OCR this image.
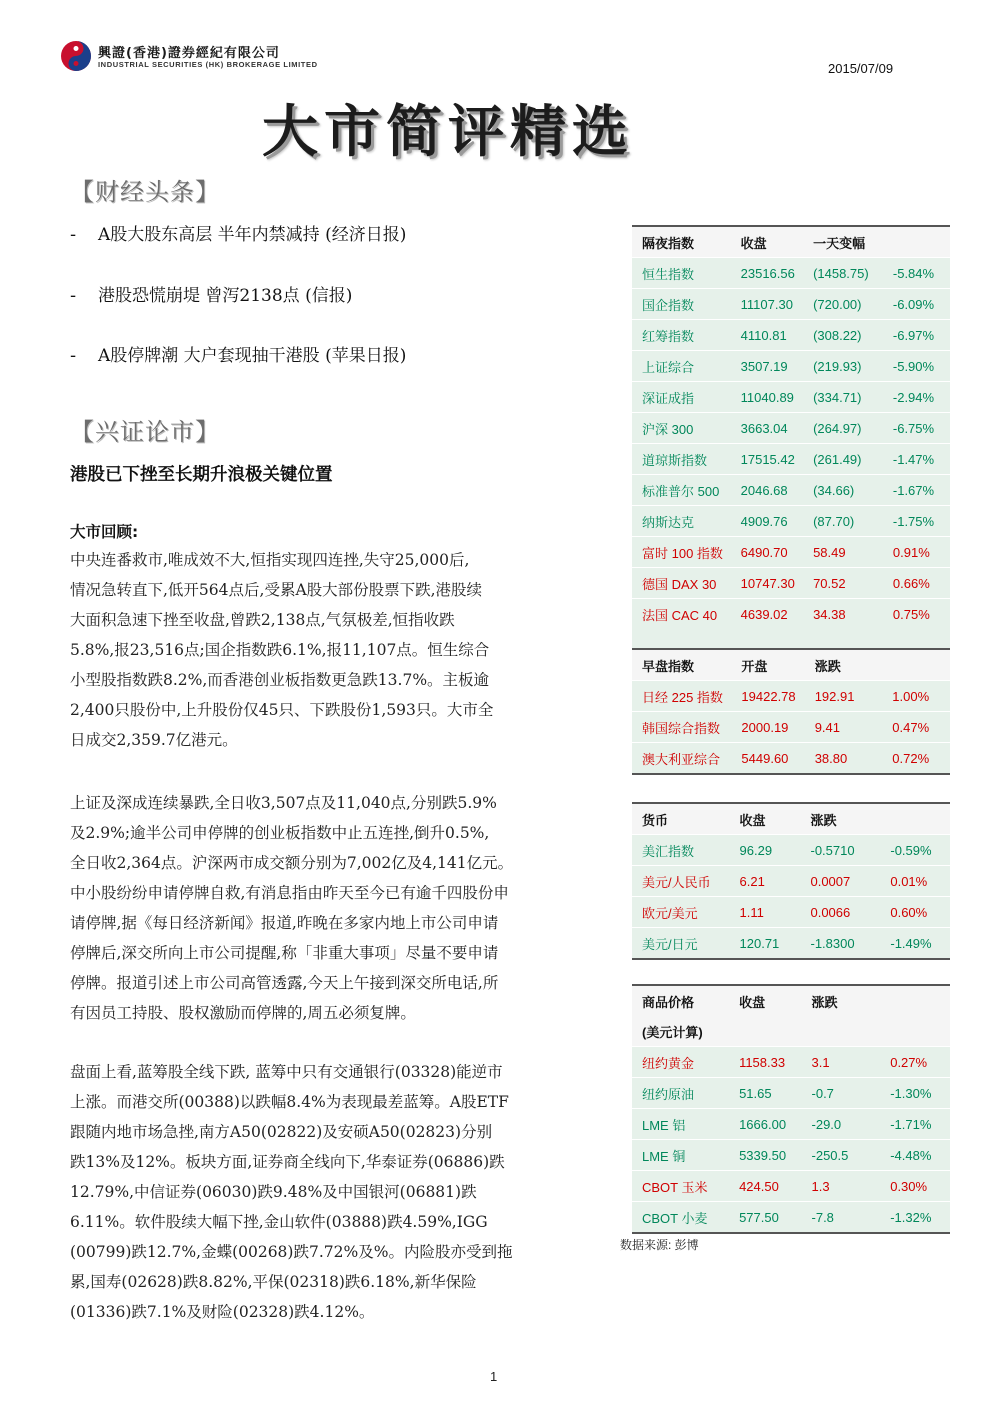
興證(香港)證券經紀有限公司
INDUSTRIAL SECURITIES (HK) BROKERAGE LIMITED	2015/07/09
大市简评精选
【财经头条】
- A股大股东高层 半年内禁减持 (经济日报)
- 港股恐慌崩堤 曾泻2138点 (信报)
- A股停牌潮 大户套现抽干港股 (苹果日报)
【兴证论市】
港股已下挫至长期升浪极关键位置
大市回顾:
中央连番救市,唯成效不大,恒指实现四连挫,失守25,000后,
情况急转直下,低开564点后,受累A股大部份股票下跌,港股续
大面积急速下挫至收盘,曾跌2,138点,气氛极差,恒指收跌
5.8%,报23,516点;国企指数跌6.1%,报11,107点。恒生综合
小型股指数跌8.2%,而香港创业板指数更急跌13.7%。主板逾
2,400只股份中,上升股份仅45只、下跌股份1,593只。大市全
日成交2,359.7亿港元。
上证及深成连续暴跌,全日收3,507点及11,040点,分别跌5.9%
及2.9%;逾半公司申停牌的创业板指数中止五连挫,倒升0.5%,
全日收2,364点。沪深两市成交额分别为7,002亿及4,141亿元。
中小股纷纷申请停牌自救,有消息指由昨天至今已有逾千四股份申
请停牌,据《每日经济新闻》报道,昨晚在多家内地上市公司申请
停牌后,深交所向上市公司提醒,称「非重大事项」尽量不要申请
停牌。报道引述上市公司高管透露,今天上午接到深交所电话,所
有因员工持股、股权激励而停牌的,周五必须复牌。
盘面上看,蓝筹股全线下跌, 蓝筹中只有交通银行(03328)能逆市
上涨。而港交所(00388)以跌幅8.4%为表现最差蓝筹。A股ETF
跟随内地市场急挫,南方A50(02822)及安硕A50(02823)分别
跌13%及12%。板块方面,证券商全线向下,华泰证券(06886)跌
12.79%,中信证券(06030)跌9.48%及中国银河(06881)跌
6.11%。软件股续大幅下挫,金山软件(03888)跌4.59%,IGG
(00799)跌12.7%,金蝶(00268)跌7.72%及%。内险股亦受到拖
累,国寿(02628)跌8.82%,平保(02318)跌6.18%,新华保险
(01336)跌7.1%及财险(02328)跌4.12%。
隔夜指数	收盘	一天变幅	
恒生指数	23516.56	(1458.75)	-5.84%
国企指数	11107.30	(720.00)	-6.09%
红筹指数	4110.81	(308.22)	-6.97%
上证综合	3507.19	(219.93)	-5.90%
深证成指	11040.89	(334.71)	-2.94%
沪深 300	3663.04	(264.97)	-6.75%
道琼斯指数	17515.42	(261.49)	-1.47%
标准普尔 500	2046.68	(34.66)	-1.67%
纳斯达克	4909.76	(87.70)	-1.75%
富时 100 指数	6490.70	58.49	0.91%
德国 DAX 30	10747.30	70.52	0.66%
法国 CAC 40	4639.02	34.38	0.75%

早盘指数	开盘	涨跌	
日经 225 指数	19422.78	192.91	1.00%
韩国综合指数	2000.19	9.41	0.47%
澳大利亚综合	5449.60	38.80	0.72%
货币	收盘	涨跌	
美汇指数	96.29	-0.5710	-0.59%
美元/人民币	6.21	0.0007	0.01%
欧元/美元	1.11	0.0066	0.60%
美元/日元	120.71	-1.8300	-1.49%
商品价格	收盘	涨跌	
(美元计算)			
纽约黄金	1158.33	3.1	0.27%
纽约原油	51.65	-0.7	-1.30%
LME 铝	1666.00	-29.0	-1.71%
LME 铜	5339.50	-250.5	-4.48%
CBOT 玉米	424.50	1.3	0.30%
CBOT 小麦	577.50	-7.8	-1.32%
数据来源: 彭博
1
